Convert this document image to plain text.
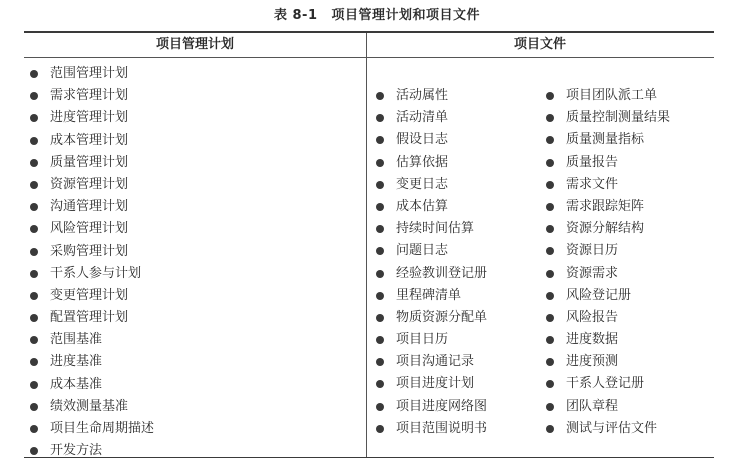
表 8-1 项目管理计划和项目文件
项目管理计划	项目文件
范围管理计划
需求管理计划
进度管理计划
成本管理计划
质量管理计划
资源管理计划
沟通管理计划
风险管理计划
采购管理计划
干系人参与计划
变更管理计划
配置管理计划
范围基准
进度基准
成本基准
绩效测量基准
项目生命周期描述
开发方法
活动属性
活动清单
假设日志
估算依据
变更日志
成本估算
持续时间估算
问题日志
经验教训登记册
里程碑清单
物质资源分配单
项目日历
项目沟通记录
项目进度计划
项目进度网络图
项目范围说明书
项目团队派工单
质量控制测量结果
质量测量指标
质量报告
需求文件
需求跟踪矩阵
资源分解结构
资源日历
资源需求
风险登记册
风险报告
进度数据
进度预测
干系人登记册
团队章程
测试与评估文件
